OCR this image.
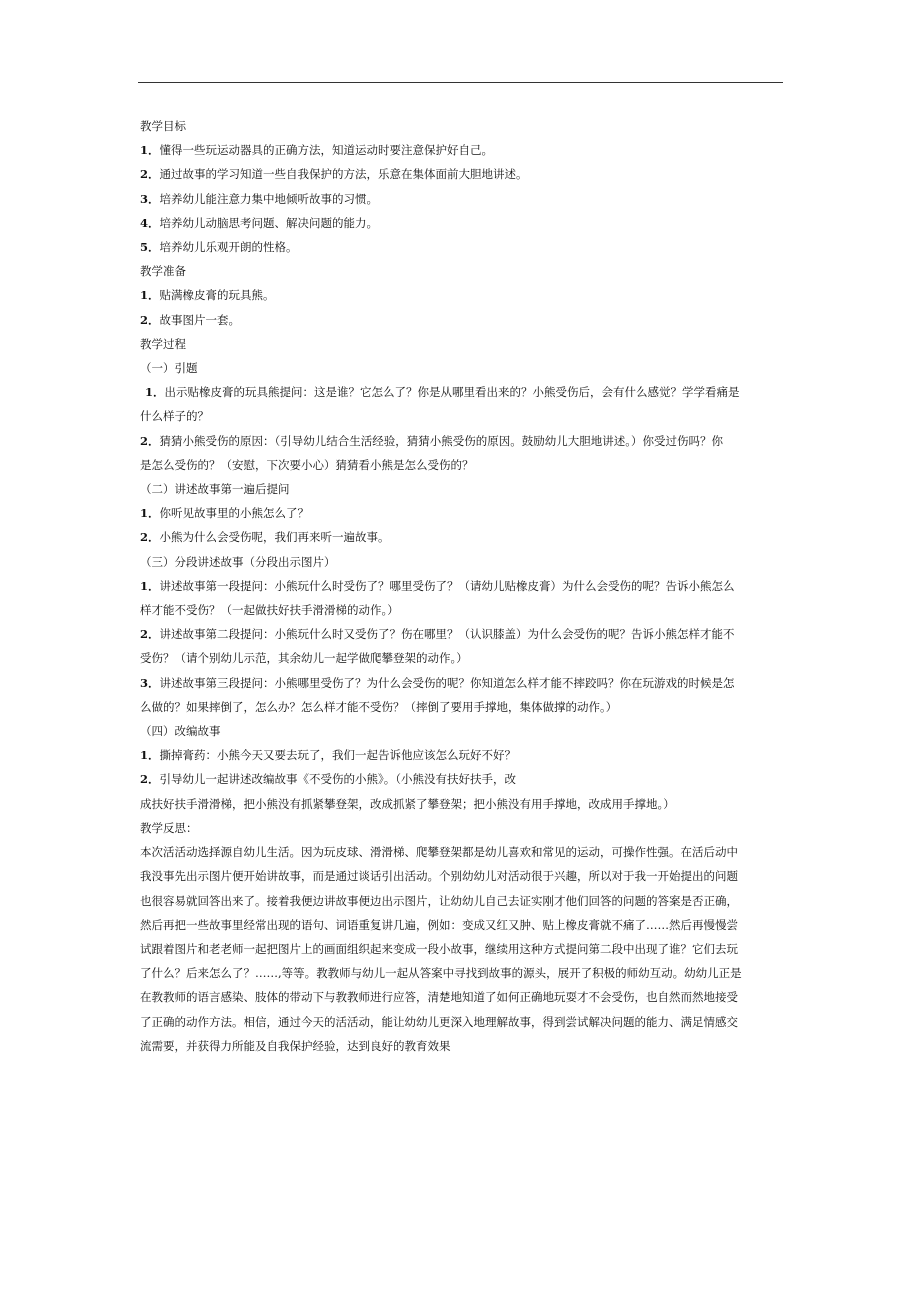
教学目标
1．懂得一些玩运动器具的正确方法，知道运动时要注意保护好自己。
2．通过故事的学习知道一些自我保护的方法，乐意在集体面前大胆地讲述。
3．培养幼儿能注意力集中地倾听故事的习惯。
4．培养幼儿动脑思考问题、解决问题的能力。
5．培养幼儿乐观开朗的性格。
教学准备
1．贴满橡皮膏的玩具熊。
2．故事图片一套。
教学过程
（一）引题
1．出示贴橡皮膏的玩具熊提问：这是谁？它怎么了？你是从哪里看出来的？小熊受伤后，会有什么感觉？学学看痛是
什么样子的？
2．猜猜小熊受伤的原因：（引导幼儿结合生活经验，猜猜小熊受伤的原因。鼓励幼儿大胆地讲述。）你受过伤吗？你
是怎么受伤的？（安慰，下次要小心）猜猜看小熊是怎么受伤的？
（二）讲述故事第一遍后提问
1．你听见故事里的小熊怎么了？
2．小熊为什么会受伤呢，我们再来听一遍故事。
（三）分段讲述故事（分段出示图片）
1．讲述故事第一段提问：小熊玩什么时受伤了？哪里受伤了？（请幼儿贴橡皮膏）为什么会受伤的呢？告诉小熊怎么
样才能不受伤？（一起做扶好扶手滑滑梯的动作。）
2．讲述故事第二段提问：小熊玩什么时又受伤了？伤在哪里？（认识膝盖）为什么会受伤的呢？告诉小熊怎样才能不
受伤？（请个别幼儿示范，其余幼儿一起学做爬攀登架的动作。）
3．讲述故事第三段提问：小熊哪里受伤了？为什么会受伤的呢？你知道怎么样才能不摔跤吗？你在玩游戏的时候是怎
么做的？如果摔倒了，怎么办？怎么样才能不受伤？（摔倒了要用手撑地，集体做撑的动作。）
（四）改编故事
1．撕掉膏药：小熊今天又要去玩了，我们一起告诉他应该怎么玩好不好？
2．引导幼儿一起讲述改编故事《不受伤的小熊》。（小熊没有扶好扶手，改
成扶好扶手滑滑梯，把小熊没有抓紧攀登架，改成抓紧了攀登架；把小熊没有用手撑地，改成用手撑地。）
教学反思：
本次活活动选择源自幼儿生活。因为玩皮球、滑滑梯、爬攀登架都是幼儿喜欢和常见的运动，可操作性强。在活后动中
我没事先出示图片便开始讲故事，而是通过谈话引出活动。个别幼幼儿对活动很于兴趣，所以对于我一开始提出的问题
也很容易就回答出来了。接着我便边讲故事便边出示图片，让幼幼儿自己去证实刚才他们回答的问题的答案是否正确，
然后再把一些故事里经常出现的语句、词语重复讲几遍，例如：变成又红又肿、贴上橡皮膏就不痛了……然后再慢慢尝
试跟着图片和老老师一起把图片上的画面组织起来变成一段小故事，继续用这种方式提问第二段中出现了谁？它们去玩
了什么？后来怎么了？……,等等。教教师与幼儿一起从答案中寻找到故事的源头，展开了积极的师幼互动。幼幼儿正是
在教教师的语言感染、肢体的带动下与教教师进行应答，清楚地知道了如何正确地玩耍才不会受伤，也自然而然地接受
了正确的动作方法。相信，通过今天的活活动，能让幼幼儿更深入地理解故事，得到尝试解决问题的能力、满足情感交
流需要，并获得力所能及自我保护经验，达到良好的教育效果
